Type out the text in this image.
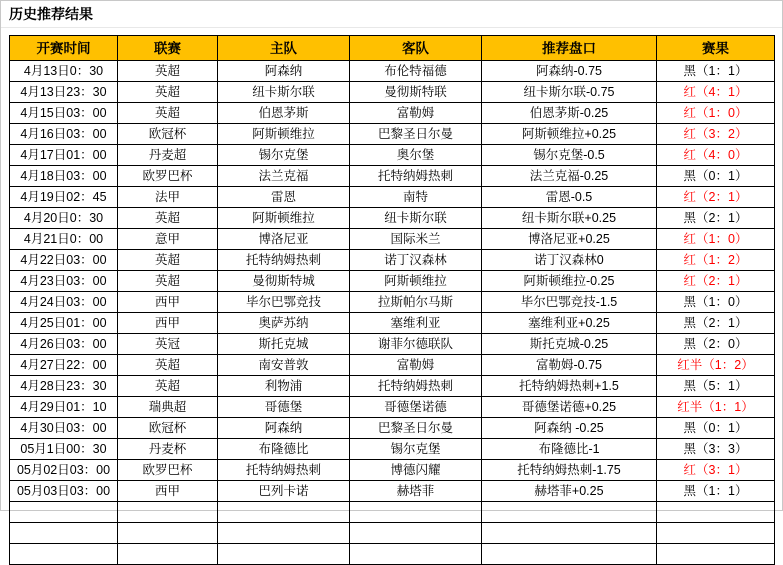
历史推荐结果
开赛时间	联赛	主队	客队	推荐盘口	赛果
4月13日0：30	英超	阿森纳	布伦特福德	阿森纳-0.75	黑（1：1）
4月13日23：30	英超	纽卡斯尔联	曼彻斯特联	纽卡斯尔联-0.75	红（4：1）
4月15日03：00	英超	伯恩茅斯	富勒姆	伯恩茅斯-0.25	红（1：0）
4月16日03：00	欧冠杯	阿斯顿维拉	巴黎圣日尔曼	阿斯顿维拉+0.25	红（3：2）
4月17日01：00	丹麦超	锡尔克堡	奥尔堡	锡尔克堡-0.5	红（4：0）
4月18日03：00	欧罗巴杯	法兰克福	托特纳姆热刺	法兰克福-0.25	黑（0：1）
4月19日02：45	法甲	雷恩	南特	雷恩-0.5	红（2：1）
4月20日0：30	英超	阿斯顿维拉	纽卡斯尔联	纽卡斯尔联+0.25	黑（2：1）
4月21日0：00	意甲	博洛尼亚	国际米兰	博洛尼亚+0.25	红（1：0）
4月22日03：00	英超	托特纳姆热刺	诺丁汉森林	诺丁汉森林0	红（1：2）
4月23日03：00	英超	曼彻斯特城	阿斯顿维拉	阿斯顿维拉-0.25	红（2：1）
4月24日03：00	西甲	毕尔巴鄂竞技	拉斯帕尔马斯	毕尔巴鄂竞技-1.5	黑（1：0）
4月25日01：00	西甲	奥萨苏纳	塞维利亚	塞维利亚+0.25	黑（2：1）
4月26日03：00	英冠	斯托克城	谢菲尔德联队	斯托克城-0.25	黑（2：0）
4月27日22：00	英超	南安普敦	富勒姆	富勒姆-0.75	红半（1：2）
4月28日23：30	英超	利物浦	托特纳姆热刺	托特纳姆热刺+1.5	黑（5：1）
4月29日01：10	瑞典超	哥德堡	哥德堡诺德	哥德堡诺德+0.25	红半（1：1）
4月30日03：00	欧冠杯	阿森纳	巴黎圣日尔曼	阿森纳 -0.25	黑（0：1）
05月1日00：30	丹麦杯	布隆德比	锡尔克堡	布隆德比-1	黑（3：3）
05月02日03：00	欧罗巴杯	托特纳姆热刺	博德闪耀	托特纳姆热刺-1.75	红（3：1）
05月03日03：00	西甲	巴列卡诺	赫塔菲	赫塔菲+0.25	黑（1：1）
